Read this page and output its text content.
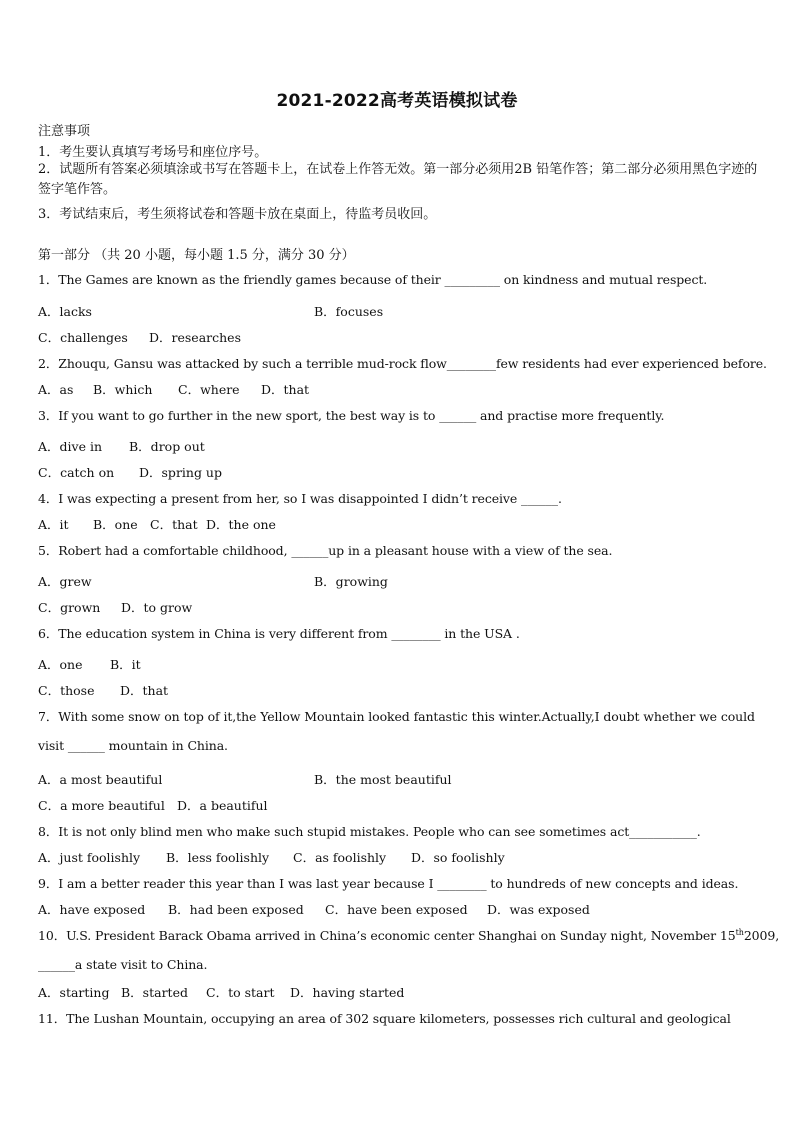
2021-2022高考英语模拟试卷
注意事项
1．考生要认真填写考场号和座位序号。
2．试题所有答案必须填涂或书写在答题卡上，在试卷上作答无效。第一部分必须用2B 铅笔作答；第二部分必须用黑色字迹的签字笔作答。
3．考试结束后，考生须将试卷和答题卡放在桌面上，待监考员收回。
第一部分 （共 20 小题，每小题 1.5 分，满分 30 分）
1．The Games are known as the friendly games because of their _________ on kindness and mutual respect.
A．lacks	B．focuses
C．challenges D．researches
2．Zhouqu, Gansu was attacked by such a terrible mud-rock flow________few residents had ever experienced before.
A．as B．which C．where D．that
3．If you want to go further in the new sport, the best way is to ______ and practise more frequently.
A．dive in B．drop out
C．catch on D．spring up
4．I was expecting a present from her, so I was disappointed I didn’t receive ______.
A．it B．one C．that D．the one
5．Robert had a comfortable childhood, ______up in a pleasant house with a view of the sea.
A．grew	B．growing
C．grown D．to grow
6．The education system in China is very different from ________ in the USA .
A．one B．it
C．those D．that
7．With some snow on top of it,the Yellow Mountain looked fantastic this winter.Actually,I doubt whether we could
visit ______ mountain in China.
A．a most beautiful	B．the most beautiful
C．a more beautiful D．a beautiful
8．It is not only blind men who make such stupid mistakes. People who can see sometimes act___________.
A．just foolishly B．less foolishly C．as foolishly D．so foolishly
9．I am a better reader this year than I was last year because I ________ to hundreds of new concepts and ideas.
A．have exposed B．had been exposed C．have been exposed D．was exposed
10．U.S. President Barack Obama arrived in China’s economic center Shanghai on Sunday night, November 15th2009,
______a state visit to China.
A．starting B．started C．to start D．having started
11．The Lushan Mountain, occupying an area of 302 square kilometers, possesses rich cultural and geological
